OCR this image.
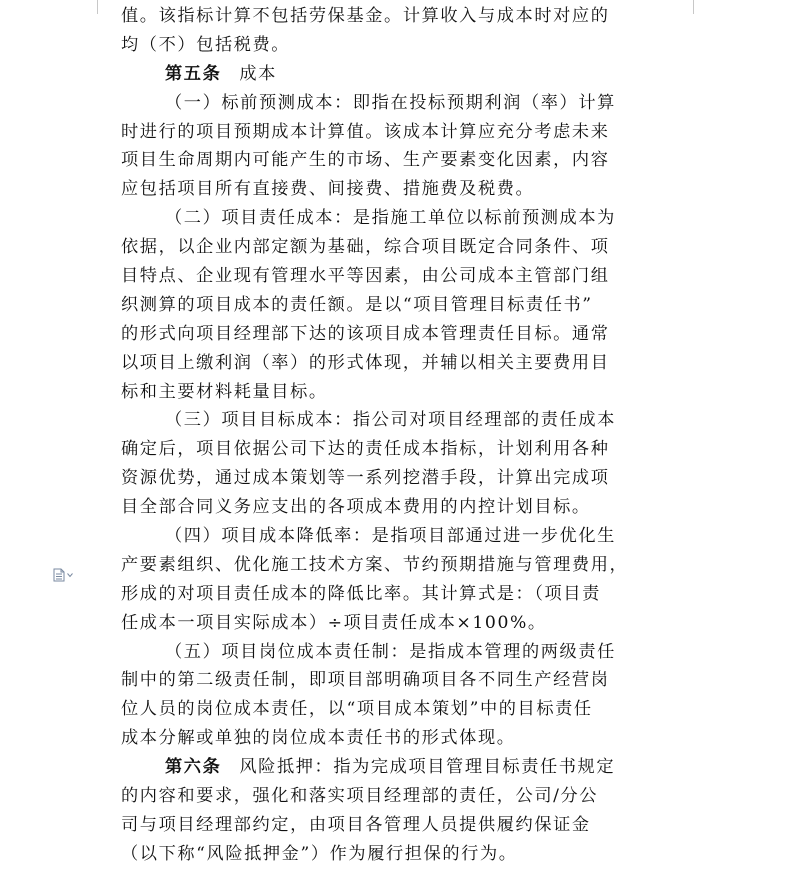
值。该指标计算不包括劳保基金。计算收入与成本时对应的
均（不）包括税费。
第五条 成本
（一）标前预测成本：即指在投标预期利润（率）计算
时进行的项目预期成本计算值。该成本计算应充分考虑未来
项目生命周期内可能产生的市场、生产要素变化因素，内容
应包括项目所有直接费、间接费、措施费及税费。
（二）项目责任成本：是指施工单位以标前预测成本为
依据，以企业内部定额为基础，综合项目既定合同条件、项
目特点、企业现有管理水平等因素，由公司成本主管部门组
织测算的项目成本的责任额。是以“项目管理目标责任书”
的形式向项目经理部下达的该项目成本管理责任目标。通常
以项目上缴利润（率）的形式体现，并辅以相关主要费用目
标和主要材料耗量目标。
（三）项目目标成本：指公司对项目经理部的责任成本
确定后，项目依据公司下达的责任成本指标，计划利用各种
资源优势，通过成本策划等一系列挖潜手段，计算出完成项
目全部合同义务应支出的各项成本费用的内控计划目标。
（四）项目成本降低率：是指项目部通过进一步优化生
产要素组织、优化施工技术方案、节约预期措施与管理费用，
形成的对项目责任成本的降低比率。其计算式是：（项目责
任成本一项目实际成本）÷项目责任成本×100%。
（五）项目岗位成本责任制：是指成本管理的两级责任
制中的第二级责任制，即项目部明确项目各不同生产经营岗
位人员的岗位成本责任，以“项目成本策划”中的目标责任
成本分解或单独的岗位成本责任书的形式体现。
第六条 风险抵押：指为完成项目管理目标责任书规定
的内容和要求，强化和落实项目经理部的责任，公司/分公
司与项目经理部约定，由项目各管理人员提供履约保证金
（以下称“风险抵押金”）作为履行担保的行为。
